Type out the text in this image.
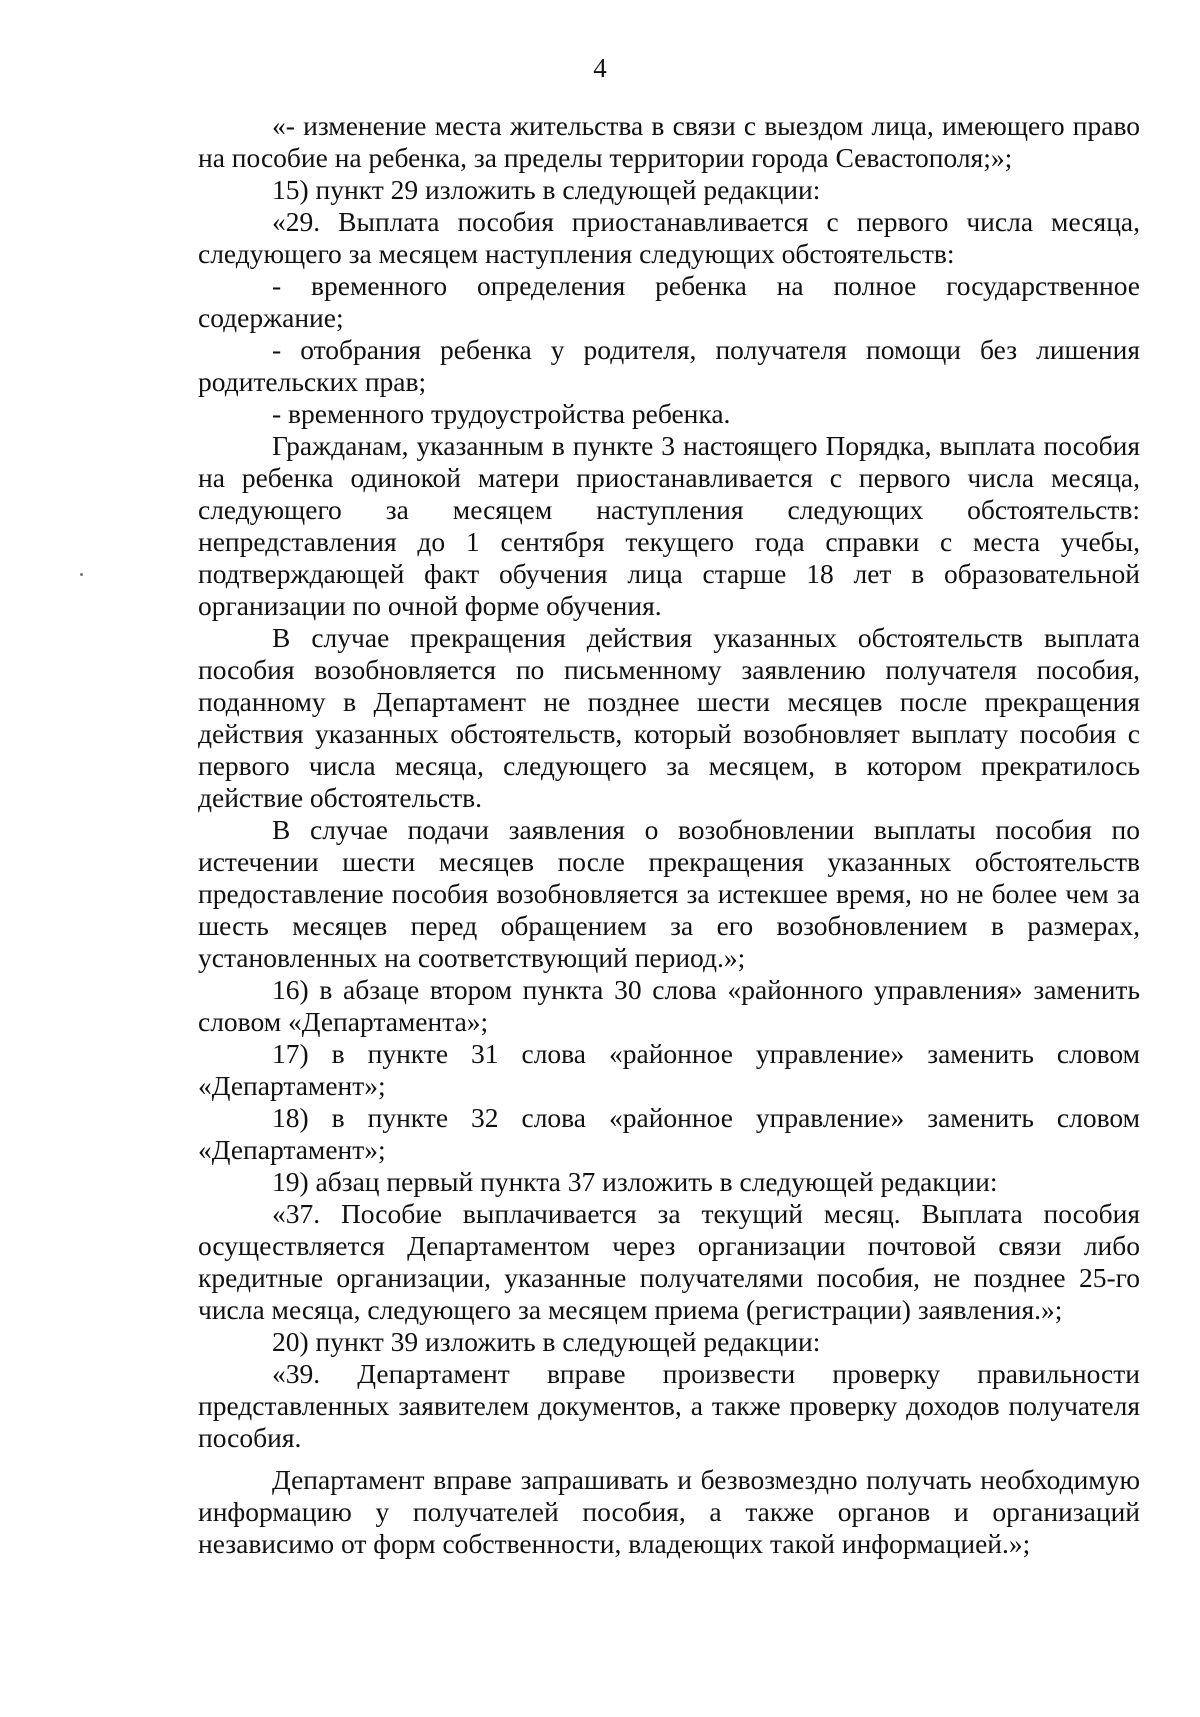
4

«- изменение места жительства в связи с выездом лица, имеющего право на пособие на ребенка, за пределы территории города Севастополя;»;

15) пункт 29 изложить в следующей редакции:

«29. Выплата пособия приостанавливается с первого числа месяца, следующего за месяцем наступления следующих обстоятельств:

- временного определения ребенка на полное государственное содержание;

- отобрания ребенка у родителя, получателя помощи без лишения родительских прав;

- временного трудоустройства ребенка.

Гражданам, указанным в пункте 3 настоящего Порядка, выплата пособия на ребенка одинокой матери приостанавливается с первого числа месяца, следующего за месяцем наступления следующих обстоятельств: непредставления до 1 сентября текущего года справки с места учебы, подтверждающей факт обучения лица старше 18 лет в образовательной организации по очной форме обучения.

В случае прекращения действия указанных обстоятельств выплата пособия возобновляется по письменному заявлению получателя пособия, поданному в Департамент не позднее шести месяцев после прекращения действия указанных обстоятельств, который возобновляет выплату пособия с первого числа месяца, следующего за месяцем, в котором прекратилось действие обстоятельств.

В случае подачи заявления о возобновлении выплаты пособия по истечении шести месяцев после прекращения указанных обстоятельств предоставление пособия возобновляется за истекшее время, но не более чем за шесть месяцев перед обращением за его возобновлением в размерах, установленных на соответствующий период.»;

16) в абзаце втором пункта 30 слова «районного управления» заменить словом «Департамента»;

17) в пункте 31 слова «районное управление» заменить словом «Департамент»;

18) в пункте 32 слова «районное управление» заменить словом «Департамент»;

19) абзац первый пункта 37 изложить в следующей редакции:

«37. Пособие выплачивается за текущий месяц. Выплата пособия осуществляется Департаментом через организации почтовой связи либо кредитные организации, указанные получателями пособия, не позднее 25-го числа месяца, следующего за месяцем приема (регистрации) заявления.»;

20) пункт 39 изложить в следующей редакции:

«39. Департамент вправе произвести проверку правильности представленных заявителем документов, а также проверку доходов получателя пособия.

Департамент вправе запрашивать и безвозмездно получать необходимую информацию у получателей пособия, а также органов и организаций независимо от форм собственности, владеющих такой информацией.»;
